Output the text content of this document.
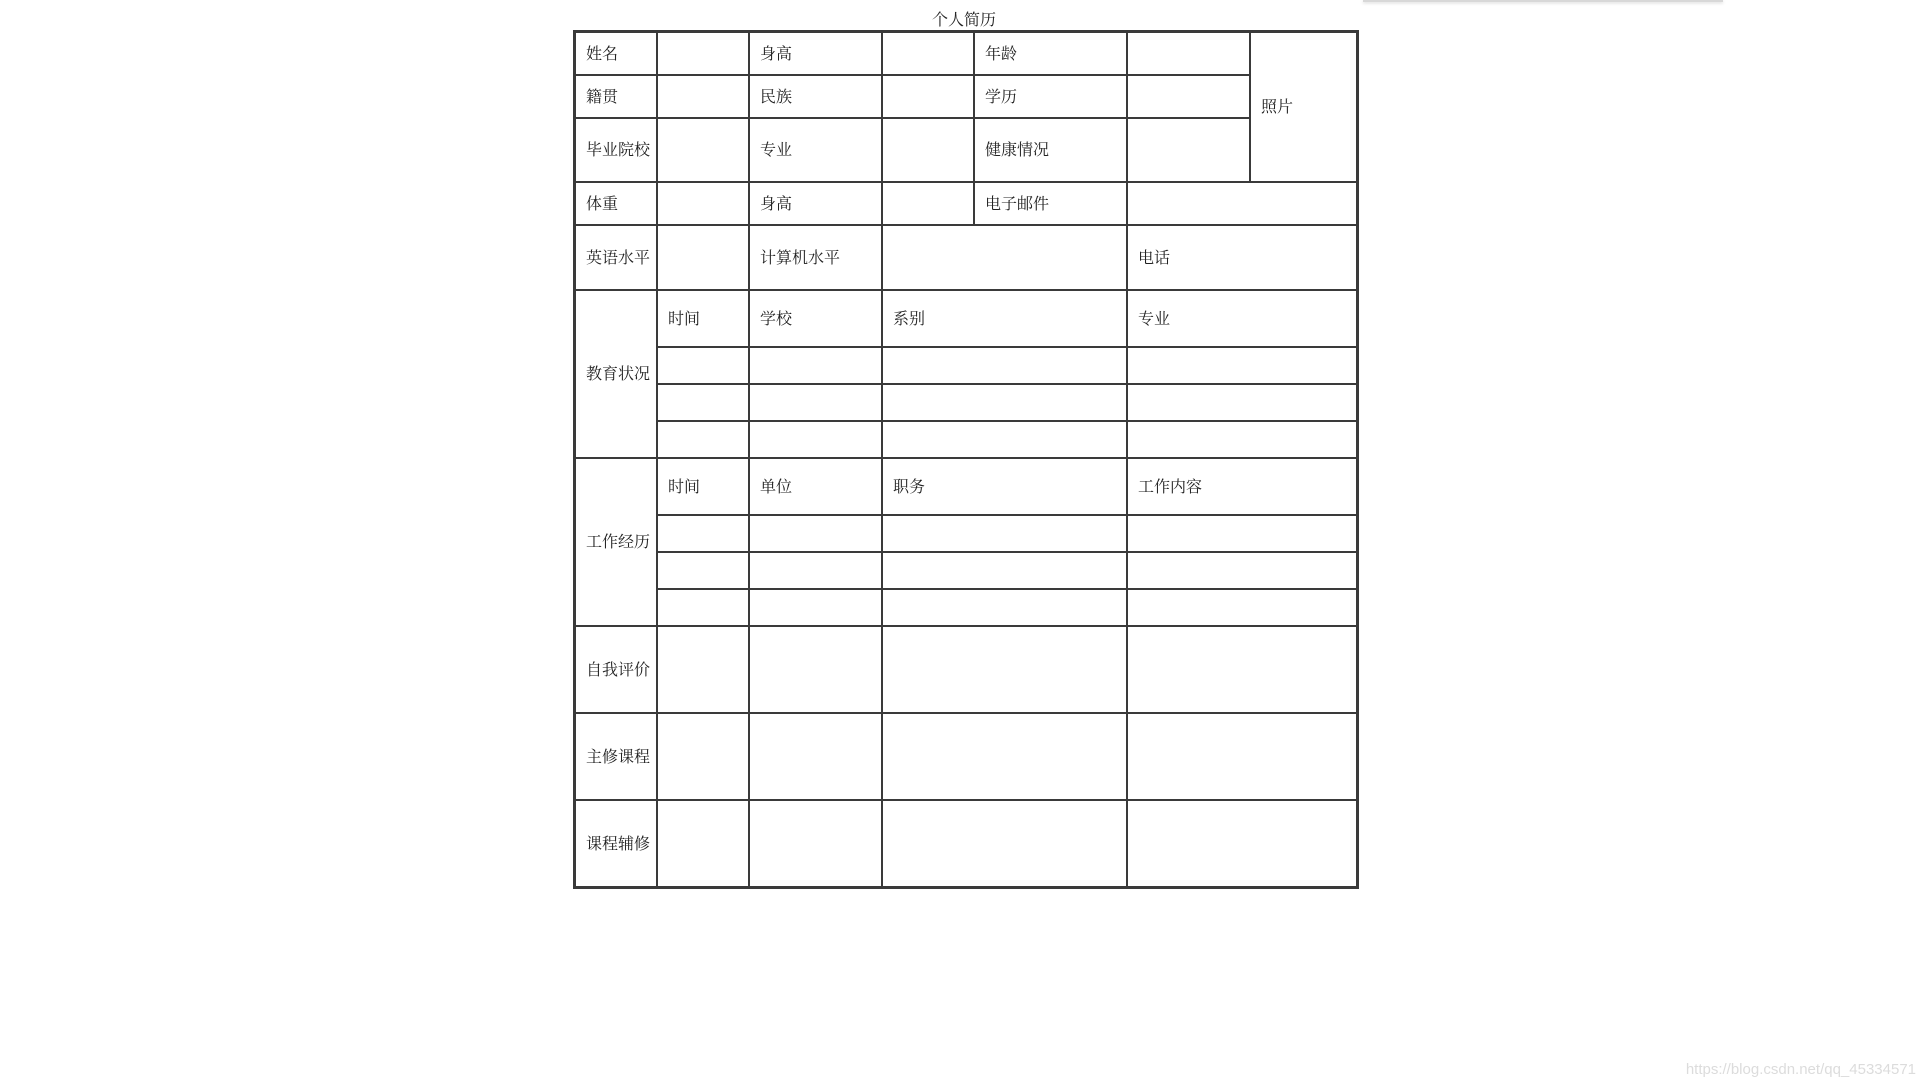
个人简历
姓名		身高		年龄		照片
籍贯		民族		学历		
毕业院校		专业		健康情况		
体重		身高		电子邮件		
英语水平		计算机水平			电话	
教育状况	时间	学校	系别		专业	

工作经历	时间	单位	职务		工作内容	

自我评价						
主修课程						
课程辅修						
https://blog.csdn.net/qq_45334571
